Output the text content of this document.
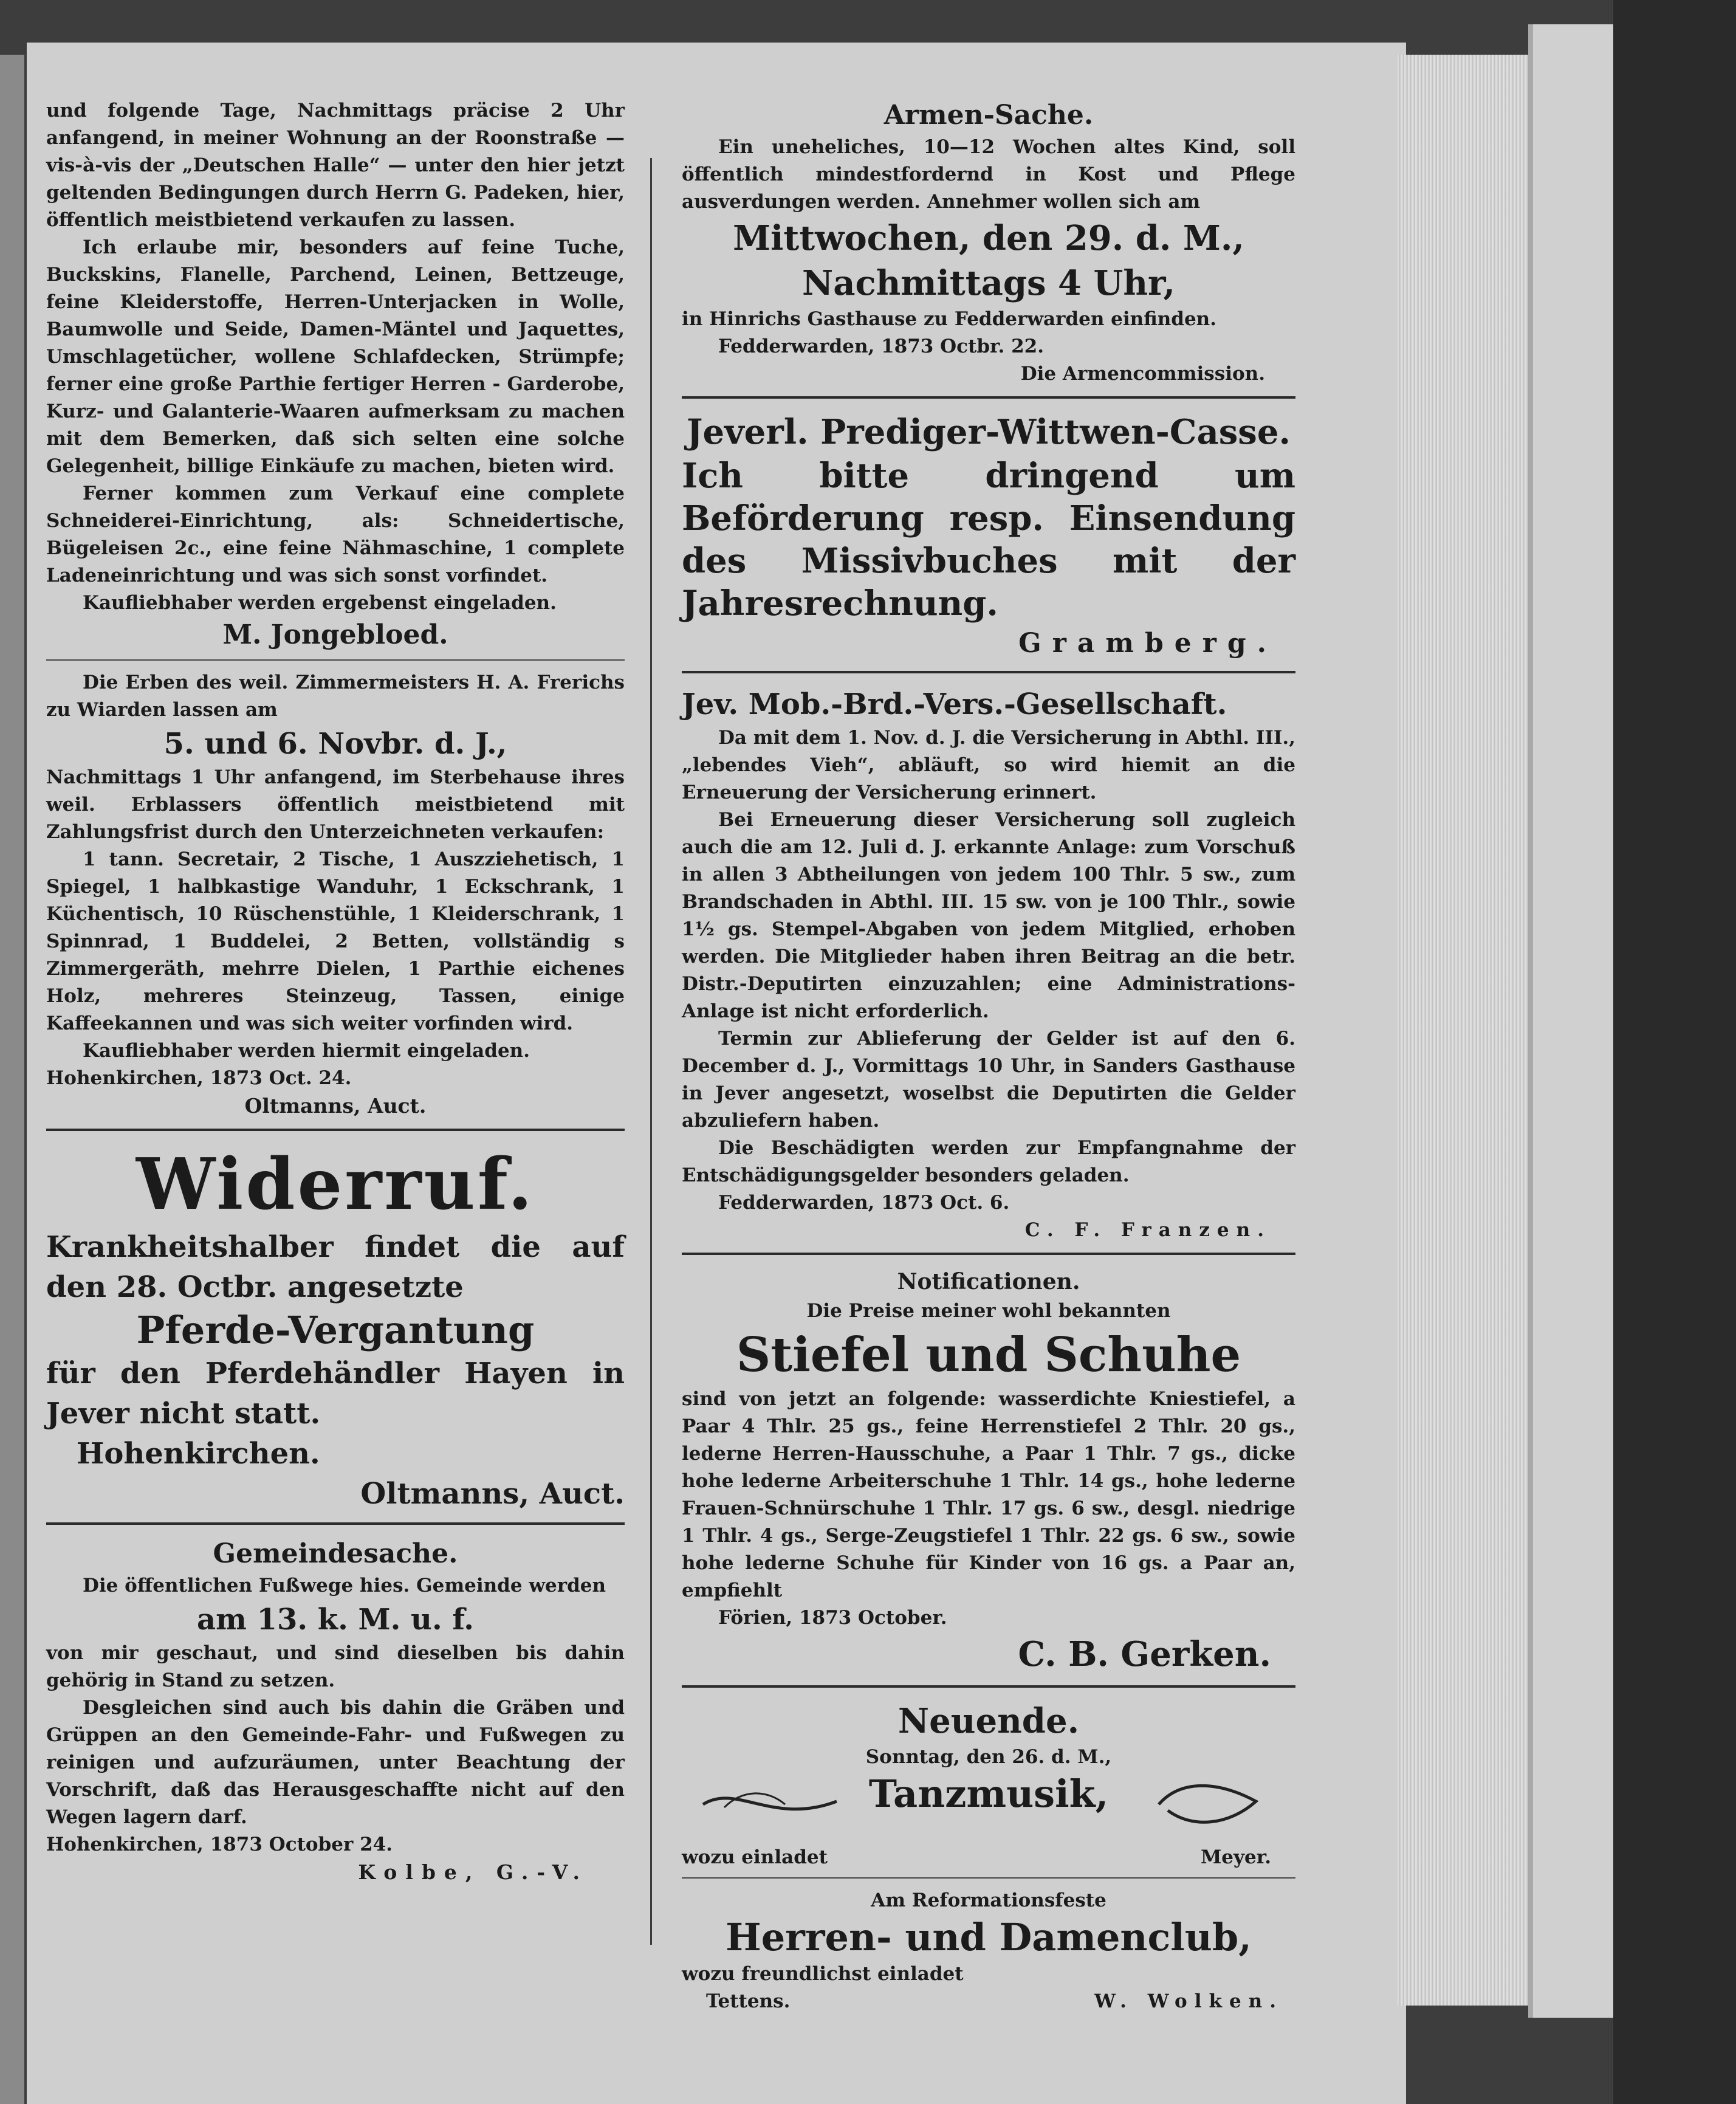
und folgende Tage, Nachmittags präcise 2 Uhr anfangend, in meiner Wohnung an der Roonstraße — vis-à-vis der „Deutschen Halle“ — unter den hier jetzt geltenden Bedingungen durch Herrn G. Padeken, hier, öffentlich meistbietend verkaufen zu lassen.

Ich erlaube mir, besonders auf feine Tuche, Buckskins, Flanelle, Parchend, Leinen, Bettzeuge, feine Kleiderstoffe, Herren-Unterjacken in Wolle, Baumwolle und Seide, Damen-Mäntel und Jaquettes, Umschlagetücher, wollene Schlafdecken, Strümpfe; ferner eine große Parthie fertiger Herren - Garderobe, Kurz- und Galanterie-Waaren aufmerksam zu machen mit dem Bemerken, daß sich selten eine solche Gelegenheit, billige Einkäufe zu machen, bieten wird.

Ferner kommen zum Verkauf eine complete Schneiderei-Einrichtung, als: Schneidertische, Bügeleisen 2c., eine feine Nähmaschine, 1 complete Ladeneinrichtung und was sich sonst vorfindet.

Kaufliebhaber werden ergebenst eingeladen.

M. Jongebloed.

Die Erben des weil. Zimmermeisters H. A. Frerichs zu Wiarden lassen am

5. und 6. Novbr. d. J.,

Nachmittags 1 Uhr anfangend, im Sterbehause ihres weil. Erblassers öffentlich meistbietend mit Zahlungsfrist durch den Unterzeichneten verkaufen:

1 tann. Secretair, 2 Tische, 1 Auszziehetisch, 1 Spiegel, 1 halbkastige Wanduhr, 1 Eckschrank, 1 Küchentisch, 10 Rüschenstühle, 1 Kleiderschrank, 1 Spinnrad, 1 Buddelei, 2 Betten, vollständig s Zimmergeräth, mehrre Dielen, 1 Parthie eichenes Holz, mehreres Steinzeug, Tassen, einige Kaffeekannen und was sich weiter vorfinden wird.

Kaufliebhaber werden hiermit eingeladen.

Hohenkirchen, 1873 Oct. 24.

Oltmanns, Auct.

Widerruf.

Krankheitshalber findet die auf den 28. Octbr. angesetzte

Pferde-Vergantung

für den Pferdehändler Hayen in Jever nicht statt.

Hohenkirchen.

Oltmanns, Auct.

Gemeindesache.

Die öffentlichen Fußwege hies. Gemeinde werden

am 13. k. M. u. f.

von mir geschaut, und sind dieselben bis dahin gehörig in Stand zu setzen.

Desgleichen sind auch bis dahin die Gräben und Grüppen an den Gemeinde-Fahr- und Fußwegen zu reinigen und aufzuräumen, unter Beachtung der Vorschrift, daß das Herausgeschaffte nicht auf den Wegen lagern darf.

Hohenkirchen, 1873 October 24.

Kolbe, G.-V.

Armen-Sache.

Ein uneheliches, 10—12 Wochen altes Kind, soll öffentlich mindestfordernd in Kost und Pflege ausverdungen werden. Annehmer wollen sich am

Mittwochen, den 29. d. M.,

Nachmittags 4 Uhr,

in Hinrichs Gasthause zu Fedderwarden einfinden.

Fedderwarden, 1873 Octbr. 22.

Die Armencommission.

Jeverl. Prediger-Wittwen-Casse.

Ich bitte dringend um Beförderung resp. Einsendung des Missivbuches mit der Jahresrechnung.

Gramberg.

Jev. Mob.-Brd.-Vers.-Gesellschaft.

Da mit dem 1. Nov. d. J. die Versicherung in Abthl. III., „lebendes Vieh“, abläuft, so wird hiemit an die Erneuerung der Versicherung erinnert.

Bei Erneuerung dieser Versicherung soll zugleich auch die am 12. Juli d. J. erkannte Anlage: zum Vorschuß in allen 3 Abtheilungen von jedem 100 Thlr. 5 sw., zum Brandschaden in Abthl. III. 15 sw. von je 100 Thlr., sowie 1½ gs. Stempel-Abgaben von jedem Mitglied, erhoben werden. Die Mitglieder haben ihren Beitrag an die betr. Distr.-Deputirten einzuzahlen; eine Administrations-Anlage ist nicht erforderlich.

Termin zur Ablieferung der Gelder ist auf den 6. December d. J., Vormittags 10 Uhr, in Sanders Gasthause in Jever angesetzt, woselbst die Deputirten die Gelder abzuliefern haben.

Die Beschädigten werden zur Empfangnahme der Entschädigungsgelder besonders geladen.

Fedderwarden, 1873 Oct. 6.

C. F. Franzen.

Notificationen.

Die Preise meiner wohl bekannten

Stiefel und Schuhe

sind von jetzt an folgende: wasserdichte Kniestiefel, a Paar 4 Thlr. 25 gs., feine Herrenstiefel 2 Thlr. 20 gs., lederne Herren-Hausschuhe, a Paar 1 Thlr. 7 gs., dicke hohe lederne Arbeiterschuhe 1 Thlr. 14 gs., hohe lederne Frauen-Schnürschuhe 1 Thlr. 17 gs. 6 sw., desgl. niedrige 1 Thlr. 4 gs., Serge-Zeugstiefel 1 Thlr. 22 gs. 6 sw., sowie hohe lederne Schuhe für Kinder von 16 gs. a Paar an, empfiehlt

Förien, 1873 October.

C. B. Gerken.

Neuende.

Sonntag, den 26. d. M.,

Tanzmusik,
wozu einladet	Meyer.

Am Reformationsfeste

Herren- und Damenclub,

wozu freundlichst einladet

Tettens.	W. Wolken.
